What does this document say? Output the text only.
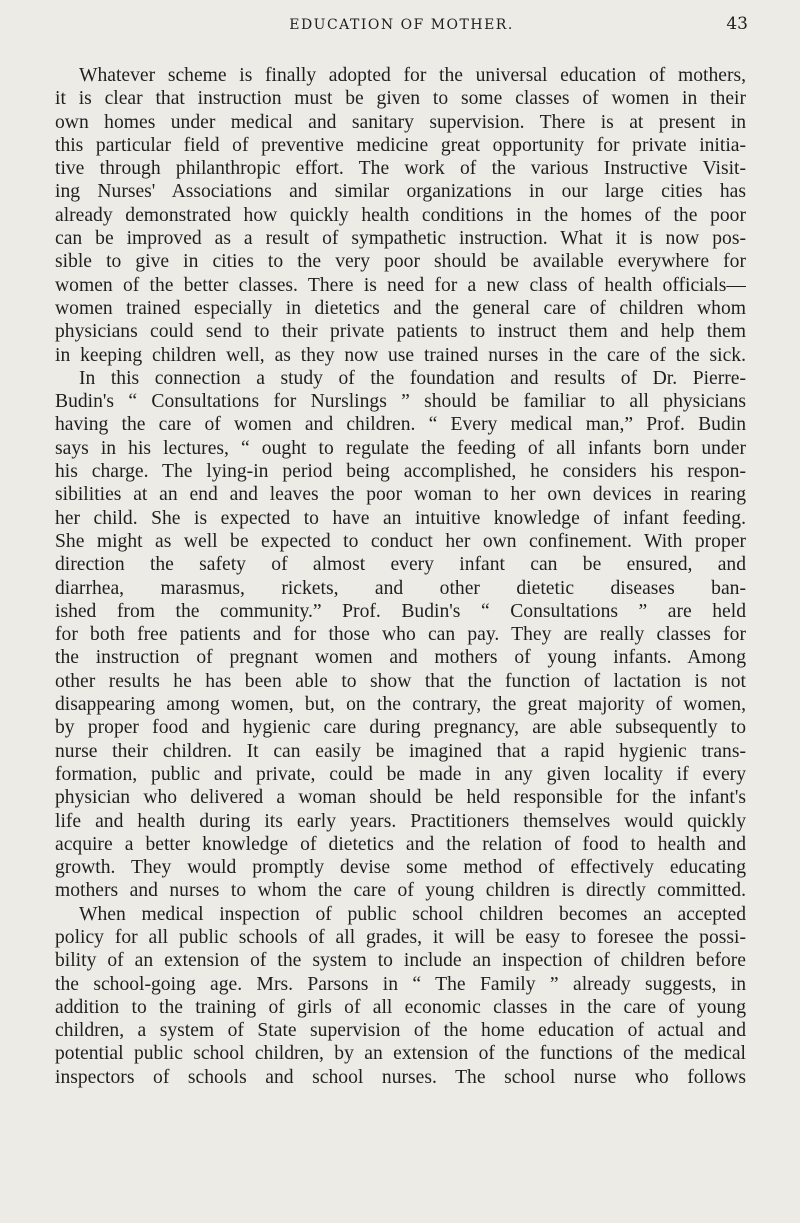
EDUCATION OF MOTHER.	43
Whatever scheme is finally adopted for the universal education of mothers,
it is clear that instruction must be given to some classes of women in their
own homes under medical and sanitary supervision. There is at present in
this particular field of preventive medicine great opportunity for private initia-
tive through philanthropic effort. The work of the various Instructive Visit-
ing Nurses' Associations and similar organizations in our large cities has
already demonstrated how quickly health conditions in the homes of the poor
can be improved as a result of sympathetic instruction. What it is now pos-
sible to give in cities to the very poor should be available everywhere for
women of the better classes. There is need for a new class of health officials—
women trained especially in dietetics and the general care of children whom
physicians could send to their private patients to instruct them and help them
in keeping children well, as they now use trained nurses in the care of the sick.
In this connection a study of the foundation and results of Dr. Pierre-
Budin's “ Consultations for Nurslings ” should be familiar to all physicians
having the care of women and children. “ Every medical man,” Prof. Budin
says in his lectures, “ ought to regulate the feeding of all infants born under
his charge. The lying-in period being accomplished, he considers his respon-
sibilities at an end and leaves the poor woman to her own devices in rearing
her child. She is expected to have an intuitive knowledge of infant feeding.
She might as well be expected to conduct her own confinement. With proper
direction the safety of almost every infant can be ensured, and
diarrhea, marasmus, rickets, and other dietetic diseases ban-
ished from the community.” Prof. Budin's “ Consultations ” are held
for both free patients and for those who can pay. They are really classes for
the instruction of pregnant women and mothers of young infants. Among
other results he has been able to show that the function of lactation is not
disappearing among women, but, on the contrary, the great majority of women,
by proper food and hygienic care during pregnancy, are able subsequently to
nurse their children. It can easily be imagined that a rapid hygienic trans-
formation, public and private, could be made in any given locality if every
physician who delivered a woman should be held responsible for the infant's
life and health during its early years. Practitioners themselves would quickly
acquire a better knowledge of dietetics and the relation of food to health and
growth. They would promptly devise some method of effectively educating
mothers and nurses to whom the care of young children is directly committed.
When medical inspection of public school children becomes an accepted
policy for all public schools of all grades, it will be easy to foresee the possi-
bility of an extension of the system to include an inspection of children before
the school-going age. Mrs. Parsons in “ The Family ” already suggests, in
addition to the training of girls of all economic classes in the care of young
children, a system of State supervision of the home education of actual and
potential public school children, by an extension of the functions of the medical
inspectors of schools and school nurses. The school nurse who follows
